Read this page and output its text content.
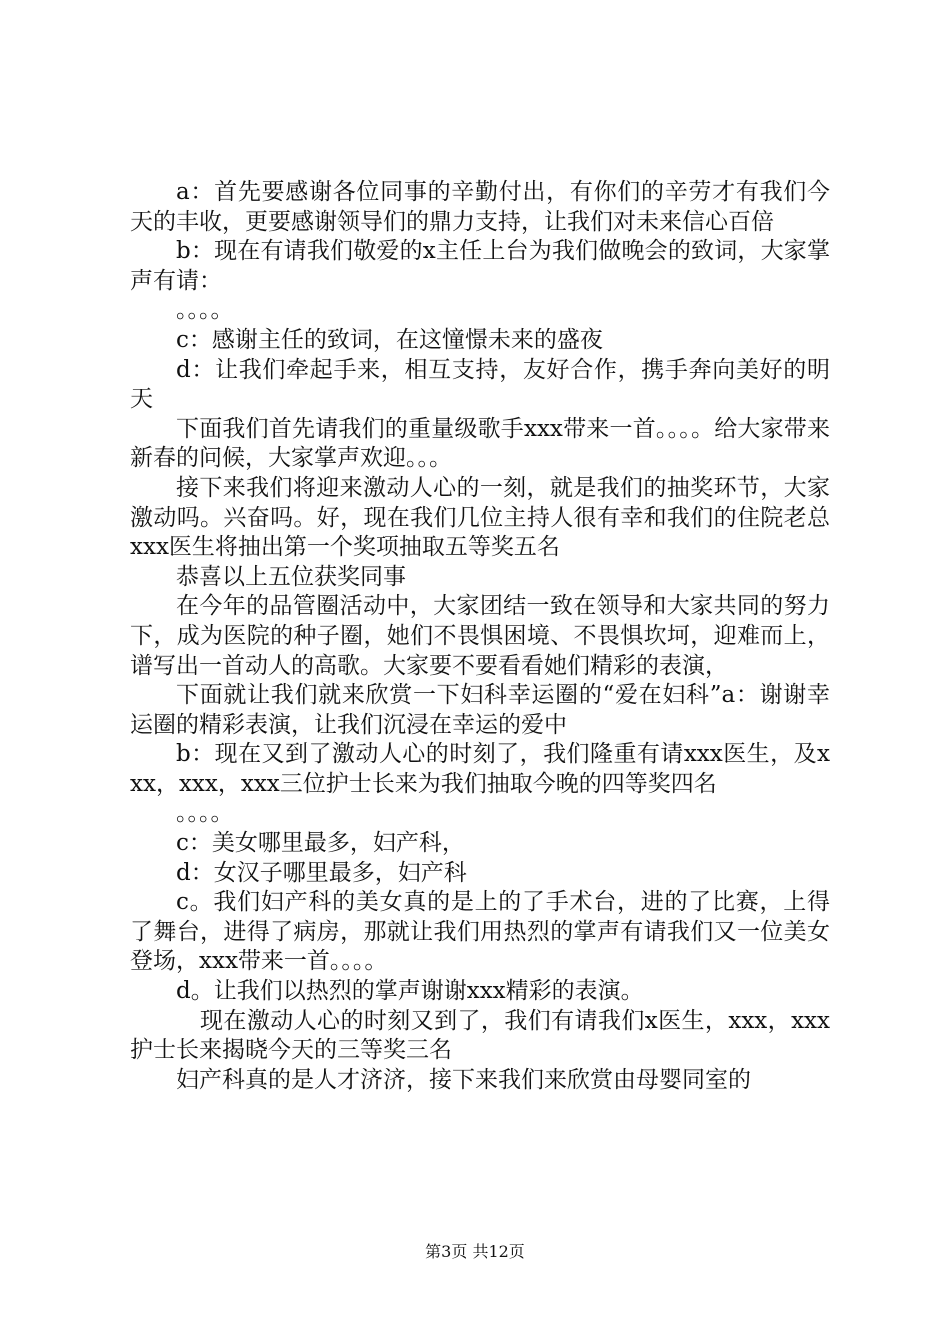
a：首先要感谢各位同事的辛勤付出，有你们的辛劳才有我们今天的丰收，更要感谢领导们的鼎力支持，让我们对未来信心百倍

b：现在有请我们敬爱的x主任上台为我们做晚会的致词，大家掌声有请：

。。。。

c：感谢主任的致词，在这憧憬未来的盛夜

d：让我们牵起手来，相互支持，友好合作，携手奔向美好的明天

下面我们首先请我们的重量级歌手xxx带来一首。。。。给大家带来新春的问候，大家掌声欢迎。。。

接下来我们将迎来激动人心的一刻，就是我们的抽奖环节，大家激动吗。兴奋吗。好，现在我们几位主持人很有幸和我们的住院老总xxx医生将抽出第一个奖项抽取五等奖五名

恭喜以上五位获奖同事

在今年的品管圈活动中，大家团结一致在领导和大家共同的努力下，成为医院的种子圈，她们不畏惧困境、不畏惧坎坷，迎难而上，谱写出一首动人的高歌。大家要不要看看她们精彩的表演，

下面就让我们就来欣赏一下妇科幸运圈的“爱在妇科”a：谢谢幸运圈的精彩表演，让我们沉浸在幸运的爱中

b：现在又到了激动人心的时刻了，我们隆重有请xxx医生，及xxx，xxx，xxx三位护士长来为我们抽取今晚的四等奖四名

。。。。

c：美女哪里最多，妇产科，

d：女汉子哪里最多，妇产科

c。我们妇产科的美女真的是上的了手术台，进的了比赛，上得了舞台，进得了病房，那就让我们用热烈的掌声有请我们又一位美女登场，xxx带来一首。。。。

d。让我们以热烈的掌声谢谢xxx精彩的表演。

现在激动人心的时刻又到了，我们有请我们x医生，xxx，xxx护士长来揭晓今天的三等奖三名

妇产科真的是人才济济，接下来我们来欣赏由母婴同室的

第3页 共12页
